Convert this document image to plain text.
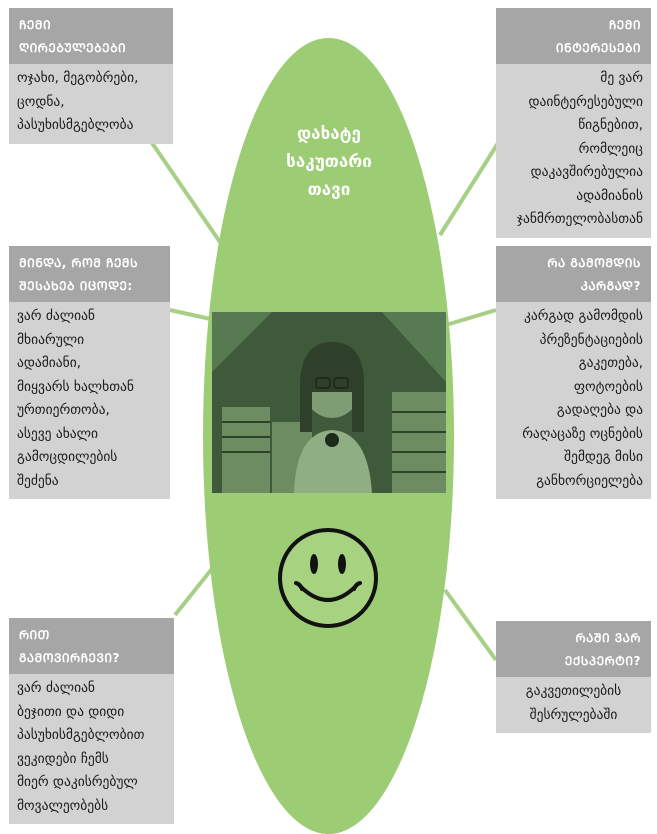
დახატე
საკუთარი
თავი
ᲩᲔᲛᲘ
ᲦᲘᲠᲔᲑᲣᲚᲔᲑᲔᲑᲘ
ოჯახი, მეგობრები,
ცოდნა,
პასუხისმგებლობა
ᲩᲔᲛᲘ
ᲘᲜᲢᲔᲠᲔᲡᲔᲑᲘ
მე ვარ
დაინტერესებული
წიგნებით,
რომლეიც
დაკავშირებულია
ადამიანის
ჯანმრთელობასთან
ᲛᲘᲜᲓᲐ, ᲠᲝᲛ ᲩᲔᲛᲡ
ᲨᲔᲡᲐᲮᲔᲑ ᲘᲪᲝᲓᲔ:
ვარ ძალიან
მხიარული
ადამიანი,
მიყვარს ხალხთან
ურთიერთობა,
ასევე ახალი
გამოცდილების
შეძენა
ᲠᲐ ᲒᲐᲛᲝᲛᲓᲘᲡ
ᲙᲐᲠᲒᲐᲓ?
კარგად გამომდის
პრეზენტაციების
გაკეთება,
ფოტოების
გადაღება და
რაღაცაზე ოცნების
შემდეგ მისი
განხორციელება
ᲠᲘᲗ
ᲒᲐᲛᲝᲕᲘᲠᲩᲔᲕᲘ?
ვარ ძალიან
ბეჯითი და დიდი
პასუხისმგებლობით
ვეკიდები ჩემს
მიერ დაკისრებულ
მოვალეობებს
ᲠᲐᲨᲘ ᲕᲐᲠ
ᲔᲥᲡᲞᲔᲠᲢᲘ?
გაკვეთილების
შესრულებაში
